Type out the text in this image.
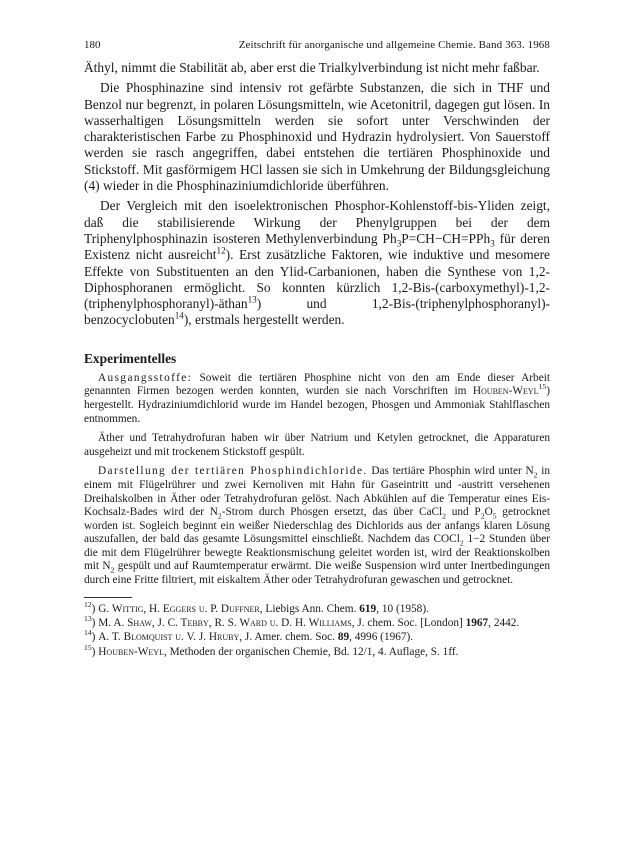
180	Zeitschrift für anorganische und allgemeine Chemie. Band 363. 1968

Äthyl, nimmt die Stabilität ab, aber erst die Trialkylverbindung ist nicht mehr faßbar.

Die Phosphinazine sind intensiv rot gefärbte Substanzen, die sich in THF und Benzol nur begrenzt, in polaren Lösungsmitteln, wie Acetonitril, dagegen gut lösen. In wasserhaltigen Lösungsmitteln werden sie sofort unter Verschwinden der charakteristischen Farbe zu Phosphinoxid und Hydrazin hydrolysiert. Von Sauerstoff werden sie rasch angegriffen, dabei entstehen die tertiären Phosphinoxide und Stickstoff. Mit gasförmigem HCl lassen sie sich in Umkehrung der Bildungsgleichung (4) wieder in die Phosphinaziniumdichloride überführen.

Der Vergleich mit den isoelektronischen Phosphor-Kohlenstoff-bis-Yliden zeigt, daß die stabilisierende Wirkung der Phenylgruppen bei der dem Triphenylphosphinazin isosteren Methylenverbindung $Ph_3P=CH-CH=PPh_3$ für deren Existenz nicht ausreicht$^{12}$). Erst zusätzliche Faktoren, wie induktive und mesomere Effekte von Substituenten an den Ylid-Carbanionen, haben die Synthese von 1,2-Diphosphoranen ermöglicht. So konnten kürzlich 1,2-Bis-(carboxymethyl)-1,2-(triphenylphosphoranyl)-äthan$^{13}$) und 1,2-Bis-(triphenylphosphoranyl)-benzocyclobuten$^{14}$), erstmals hergestellt werden.

Experimentelles

Ausgangsstoffe: Soweit die tertiären Phosphine nicht von den am Ende dieser Arbeit genannten Firmen bezogen werden konnten, wurden sie nach Vorschriften im Houben-Weyl$^{15}$) hergestellt. Hydraziniumdichlorid wurde im Handel bezogen, Phosgen und Ammoniak Stahlflaschen entnommen.

Äther und Tetrahydrofuran haben wir über Natrium und Ketylen getrocknet, die Apparaturen ausgeheizt und mit trockenem Stickstoff gespült.

Darstellung der tertiären Phosphindichloride. Das tertiäre Phosphin wird unter $N_2$ in einem mit Flügelrührer und zwei Kernoliven mit Hahn für Gaseintritt und -austritt versehenen Dreihalskolben in Äther oder Tetrahydrofuran gelöst. Nach Abkühlen auf die Temperatur eines Eis-Kochsalz-Bades wird der $N_2$-Strom durch Phosgen ersetzt, das über CaCl$_2$ und $P_2O_5$ getrocknet worden ist. Sogleich beginnt ein weißer Niederschlag des Dichlorids aus der anfangs klaren Lösung auszufallen, der bald das gesamte Lösungsmittel einschließt. Nachdem das COCl$_2$ 1−2 Stunden über die mit dem Flügelrührer bewegte Reaktionsmischung geleitet worden ist, wird der Reaktionskolben mit $N_2$ gespült und auf Raumtemperatur erwärmt. Die weiße Suspension wird unter Inertbedingungen durch eine Fritte filtriert, mit eiskaltem Äther oder Tetrahydrofuran gewaschen und getrocknet.

$^{12}$) G. Wittig, H. Eggers u. P. Duffner, Liebigs Ann. Chem. 619, 10 (1958).

$^{13}$) M. A. Shaw, J. C. Tebby, R. S. Ward u. D. H. Williams, J. chem. Soc. [London] 1967, 2442.

$^{14}$) A. T. Blomquist u. V. J. Hruby, J. Amer. chem. Soc. 89, 4996 (1967).

$^{15}$) Houben-Weyl, Methoden der organischen Chemie, Bd. 12/1, 4. Auflage, S. 1ff.
